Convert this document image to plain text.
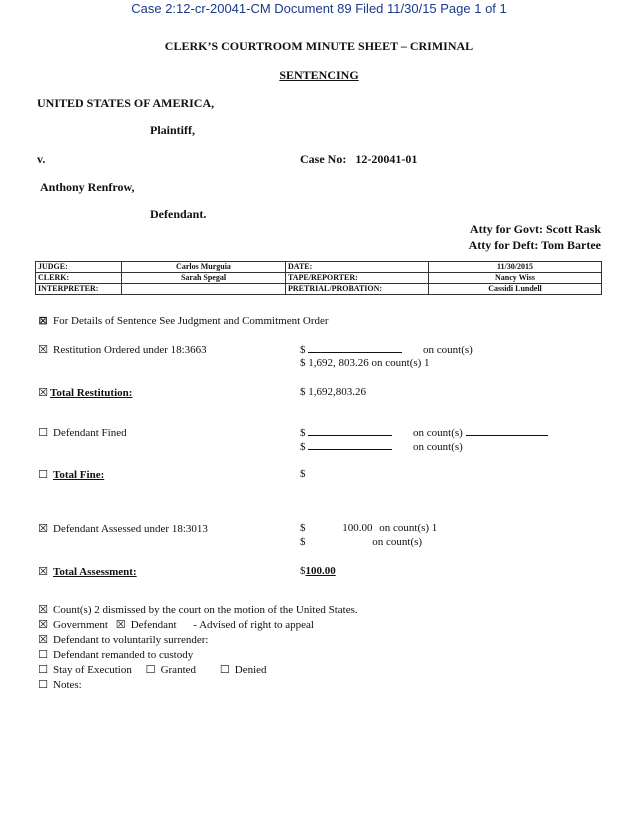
Case 2:12-cr-20041-CM Document 89 Filed 11/30/15 Page 1 of 1
CLERK’S COURTROOM MINUTE SHEET – CRIMINAL
SENTENCING
UNITED STATES OF AMERICA,
Plaintiff,
v.	Case No: 12-20041-01
Anthony Renfrow,
Defendant.
Atty for Govt: Scott Rask
Atty for Deft: Tom Bartee
JUDGE:	Carlos Murguia	DATE:	11/30/2015
CLERK:	Sarah Spegal	TAPE/REPORTER:	Nancy Wiss
INTERPRETER:		PRETRIAL/PROBATION:	Cassidi Lundell
⊠ For Details of Sentence See Judgment and Commitment Order
☒ Restitution Ordered under 18:3663	$	on count(s)
$ 1,692, 803.26 on count(s) 1
☒ Total Restitution:	$ 1,692,803.26
☐ Defendant Fined	$	on count(s)
$	on count(s)
☐ Total Fine:	$
☒ Defendant Assessed under 18:3013	$	100.00 on count(s) 1
$	on count(s)
☒ Total Assessment:	$100.00
☒ Count(s) 2 dismissed by the court on the motion of the United States.
☒ Government ☒ Defendant - Advised of right to appeal
☒ Defendant to voluntarily surrender:
☐ Defendant remanded to custody
☐ Stay of Execution ☐ Granted ☐ Denied
☐ Notes:
